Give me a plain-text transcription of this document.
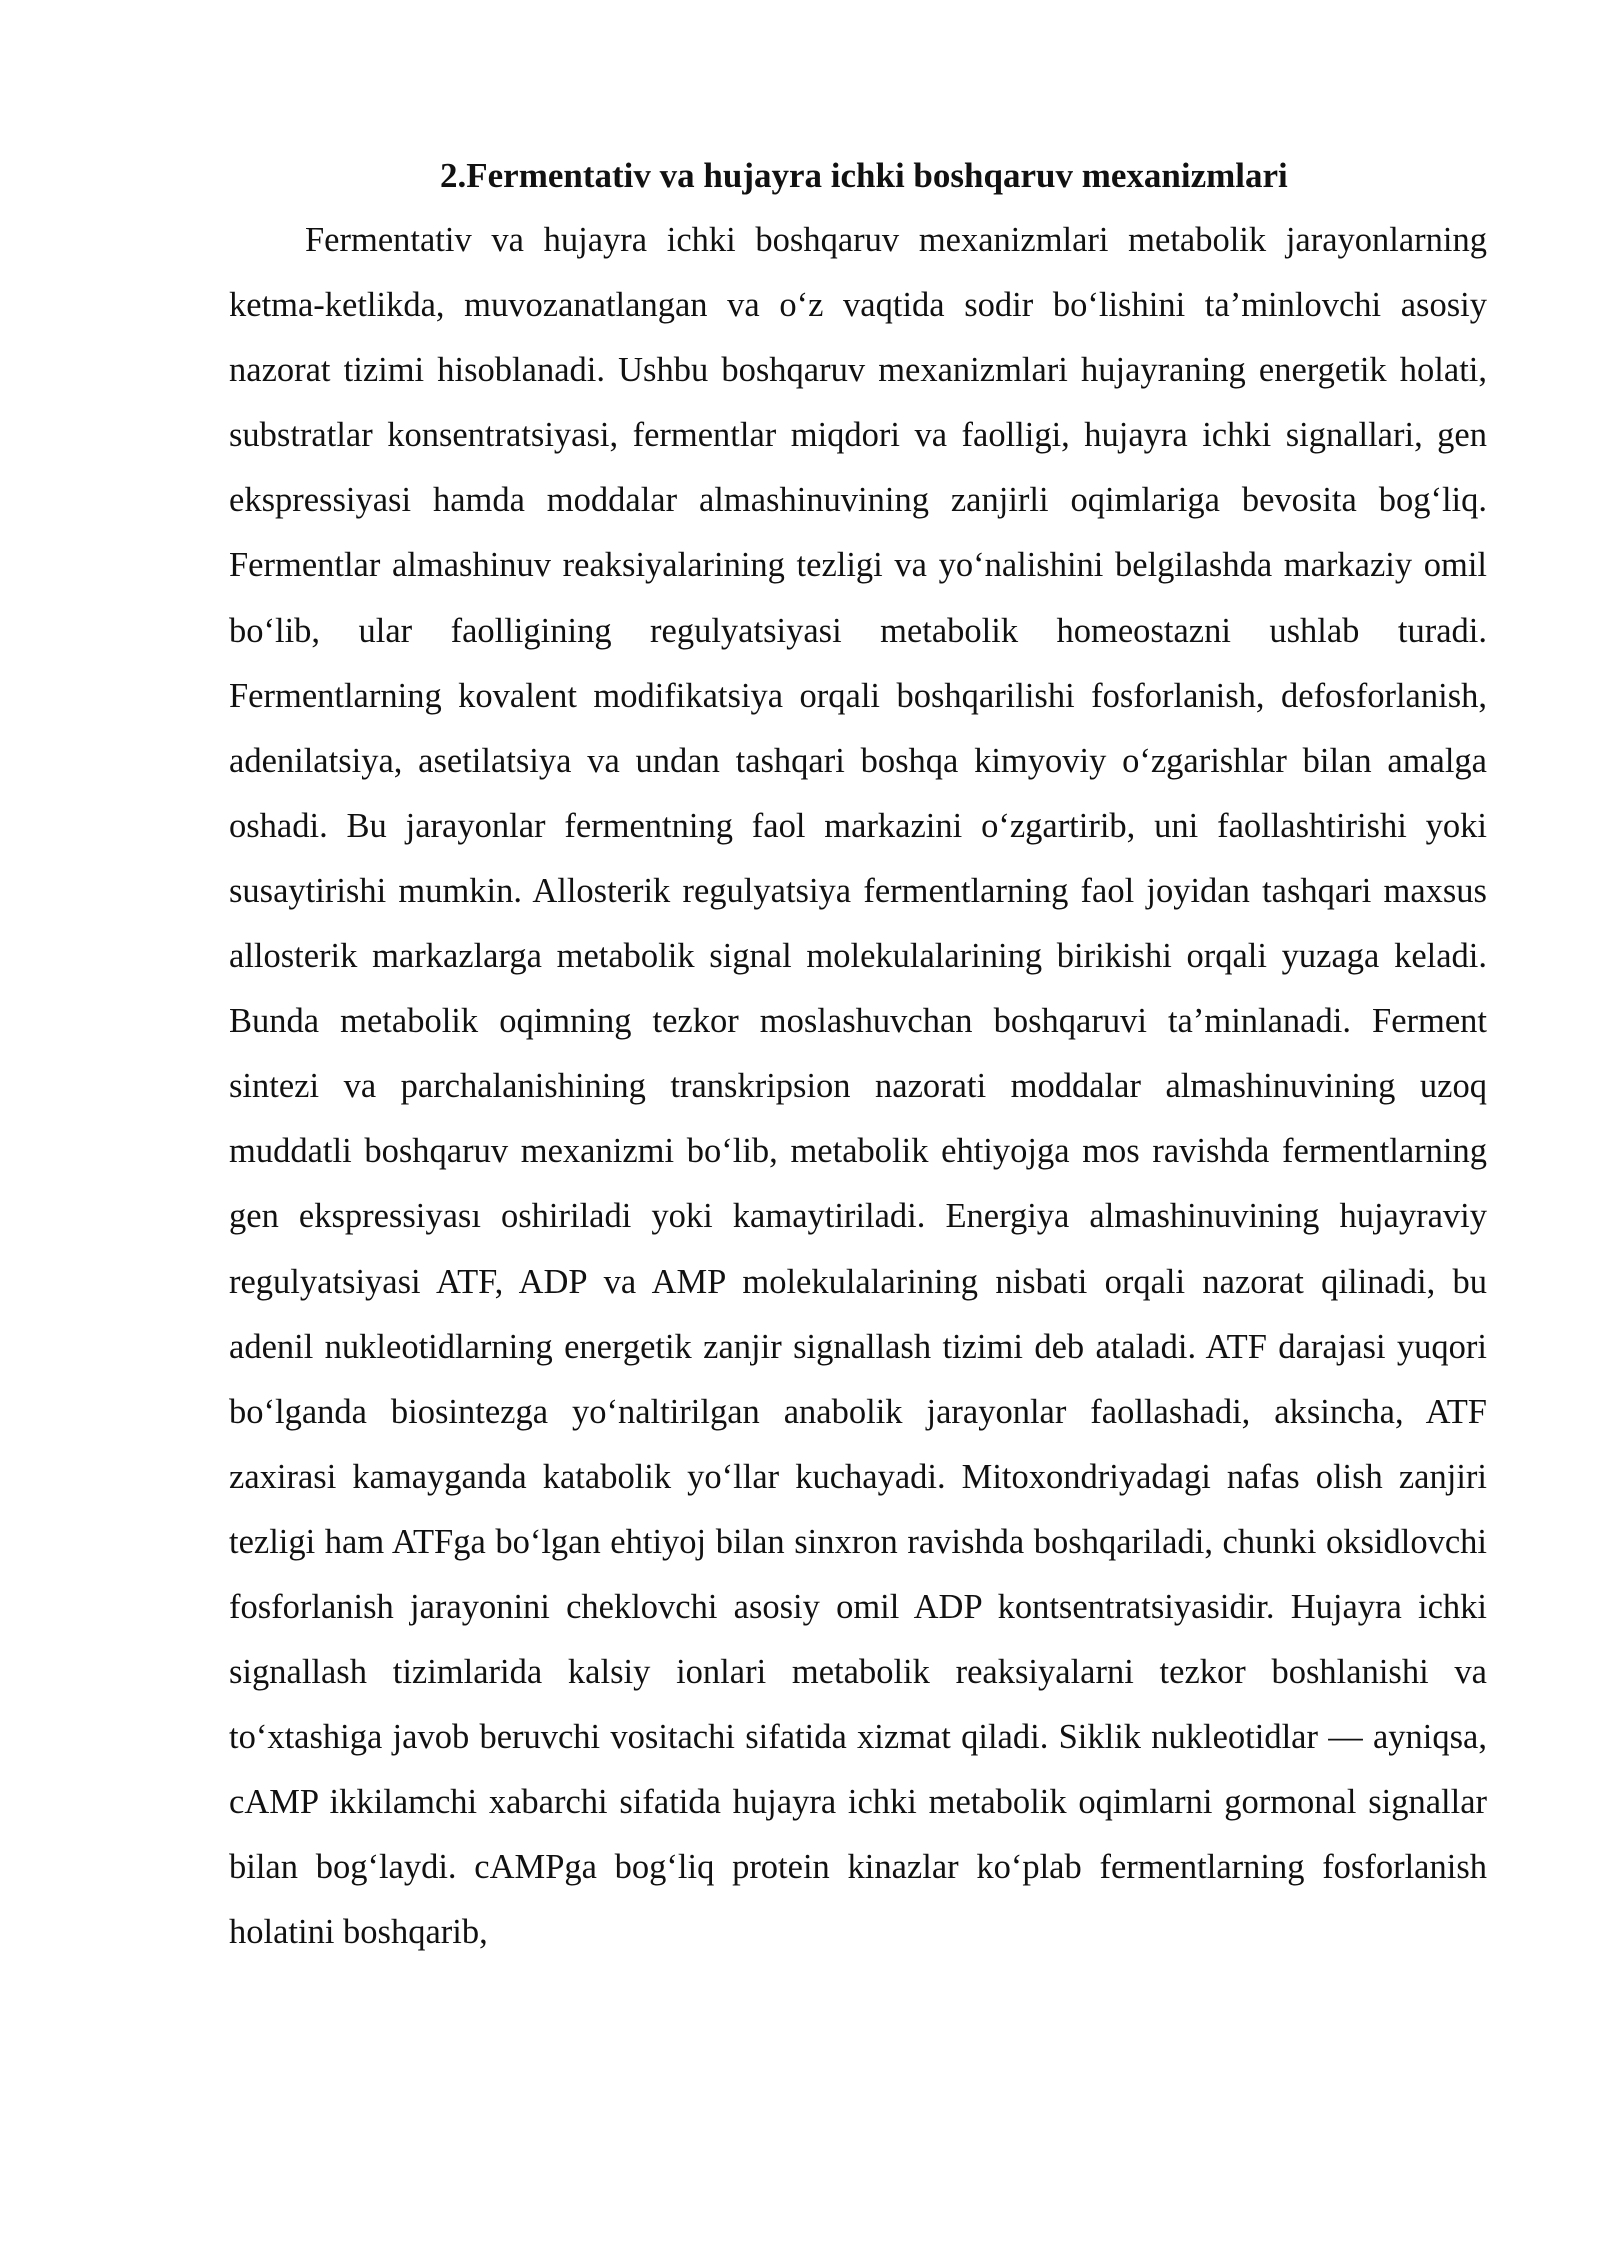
2.Fermentativ va hujayra ichki boshqaruv mexanizmlari

Fermentativ va hujayra ichki boshqaruv mexanizmlari metabolik jarayonlarning ketma-ketlikda, muvozanatlangan va o‘z vaqtida sodir bo‘lishini ta’minlovchi asosiy nazorat tizimi hisoblanadi. Ushbu boshqaruv mexanizmlari hujayraning energetik holati, substratlar konsentratsiyasi, fermentlar miqdori va faolligi, hujayra ichki signallari, gen ekspressiyasi hamda moddalar almashinuvining zanjirli oqimlariga bevosita bog‘liq. Fermentlar almashinuv reaksiyalarining tezligi va yo‘nalishini belgilashda markaziy omil bo‘lib, ular faolligining regulyatsiyasi metabolik homeostazni ushlab turadi. Fermentlarning kovalent modifikatsiya orqali boshqarilishi fosforlanish, defosforlanish, adenilatsiya, asetilatsiya va undan tashqari boshqa kimyoviy o‘zgarishlar bilan amalga oshadi. Bu jarayonlar fermentning faol markazini o‘zgartirib, uni faollashtirishi yoki susaytirishi mumkin. Allosterik regulyatsiya fermentlarning faol joyidan tashqari maxsus allosterik markazlarga metabolik signal molekulalarining birikishi orqali yuzaga keladi. Bunda metabolik oqimning tezkor moslashuvchan boshqaruvi ta’minlanadi. Ferment sintezi va parchalanishining transkripsion nazorati moddalar almashinuvining uzoq muddatli boshqaruv mexanizmi bo‘lib, metabolik ehtiyojga mos ravishda fermentlarning gen ekspressiyası oshiriladi yoki kamaytiriladi. Energiya almashinuvining hujayraviy regulyatsiyasi ATF, ADP va AMP molekulalarining nisbati orqali nazorat qilinadi, bu adenil nukleotidlarning energetik zanjir signallash tizimi deb ataladi. ATF darajasi yuqori bo‘lganda biosintezga yo‘naltirilgan anabolik jarayonlar faollashadi, aksincha, ATF zaxirasi kamayganda katabolik yo‘llar kuchayadi. Mitoxondriyadagi nafas olish zanjiri tezligi ham ATFga bo‘lgan ehtiyoj bilan sinxron ravishda boshqariladi, chunki oksidlovchi fosforlanish jarayonini cheklovchi asosiy omil ADP kontsentratsiyasidir. Hujayra ichki signallash tizimlarida kalsiy ionlari metabolik reaksiyalarni tezkor boshlanishi va to‘xtashiga javob beruvchi vositachi sifatida xizmat qiladi. Siklik nukleotidlar — ayniqsa, cAMP ikkilamchi xabarchi sifatida hujayra ichki metabolik oqimlarni gormonal signallar bilan bog‘laydi. cAMPga bog‘liq protein kinazlar ko‘plab fermentlarning fosforlanish holatini boshqarib,
